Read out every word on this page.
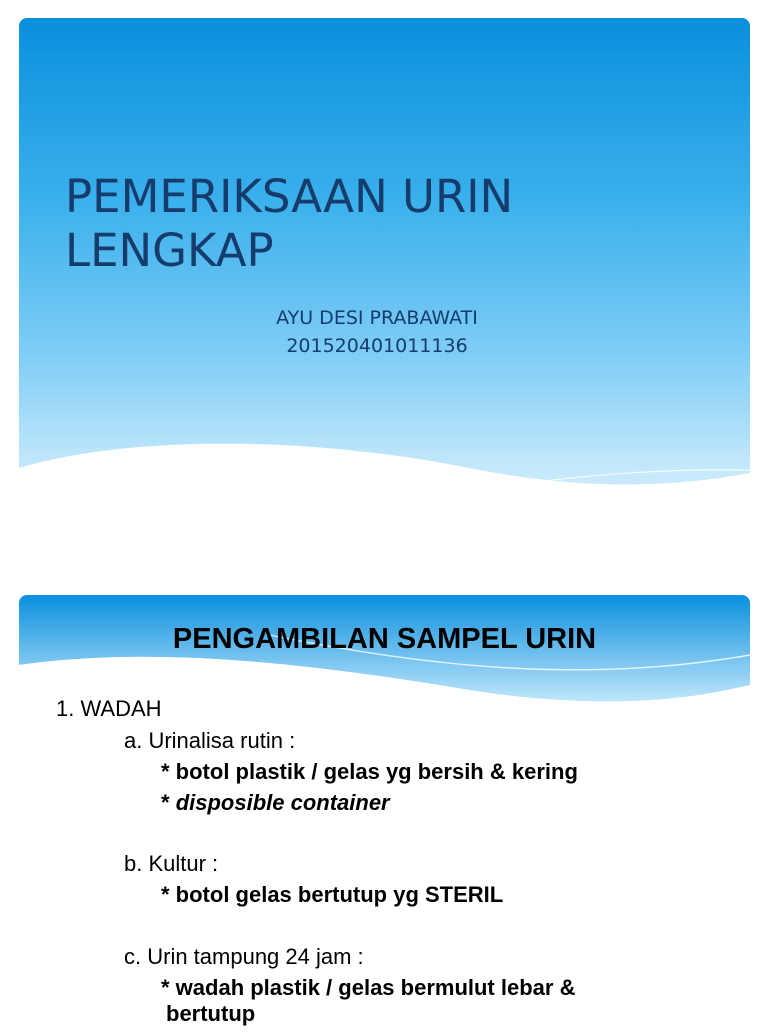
PEMERIKSAAN URIN
LENGKAP
AYU DESI PRABAWATI
201520401011136
PENGAMBILAN SAMPEL URIN
1. WADAH
a. Urinalisa rutin :
* botol plastik / gelas yg bersih & kering
* disposible container
b. Kultur :
* botol gelas bertutup yg STERIL
c. Urin tampung 24 jam :
* wadah plastik / gelas bermulut lebar &
bertutup
